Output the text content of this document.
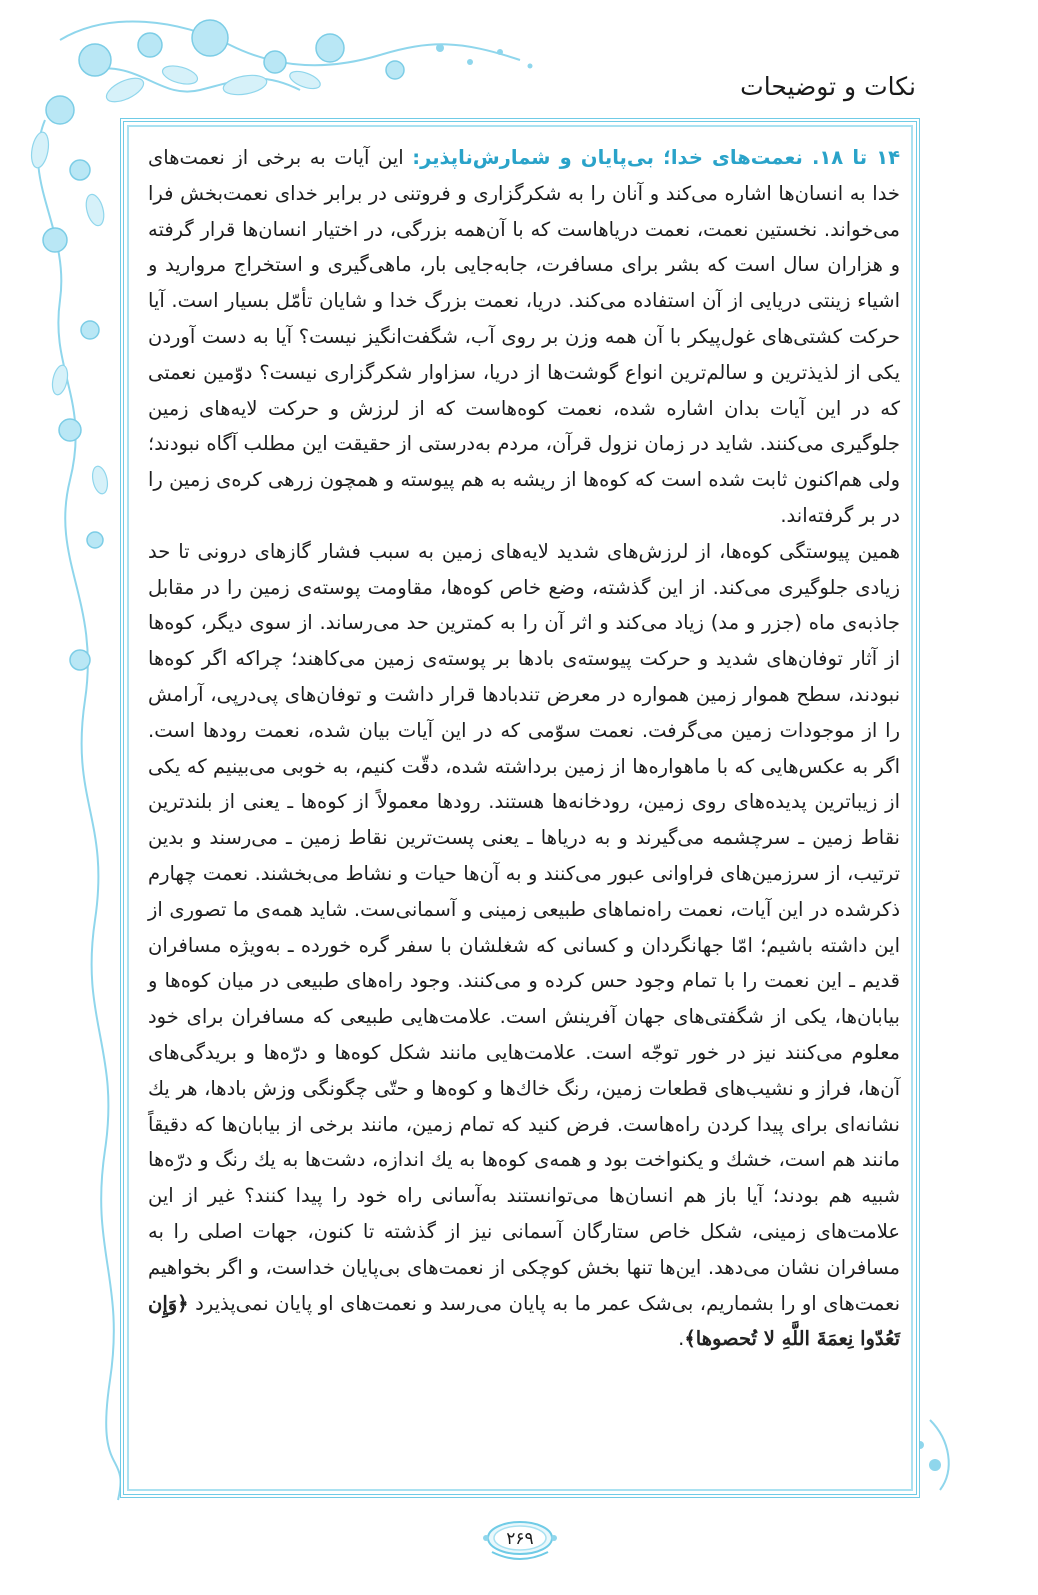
نکات و توضیحات

۱۴ تا ۱۸. نعمت‌های خدا؛ بی‌پایان و شمارش‌ناپذیر: این آیات به برخی از نعمت‌های خدا به انسان‌ها اشاره می‌کند و آنان را به شکرگزاری و فروتنی در برابر خدای نعمت‌بخش فرا می‌خواند. نخستین نعمت، نعمت دریاهاست که با آن‌همه بزرگی، در اختیار انسان‌ها قرار گرفته و هزاران سال است که بشر برای مسافرت، جابه‌جایی بار، ماهی‌گیری و استخراج مروارید و اشیاء زینتی دریایی از آن استفاده می‌کند. دریا، نعمت بزرگ خدا و شایان تأمّل بسیار است. آیا حرکت کشتی‌های غول‌پیکر با آن همه وزن بر روی آب، شگفت‌انگیز نیست؟ آیا به دست آوردن یکی از لذیذترین و سالم‌ترین انواع گوشت‌ها از دریا، سزاوار شکرگزاری نیست؟ دوّمین نعمتی که در این آیات بدان اشاره شده، نعمت کوه‌هاست که از لرزش و حرکت لایه‌های زمین جلوگیری می‌کنند. شاید در زمان نزول قرآن، مردم به‌درستی از حقیقت این مطلب آگاه نبودند؛ ولی هم‌اکنون ثابت شده است که کوه‌ها از ریشه به هم پیوسته و همچون زرهی کره‌ی زمین را در بر گرفته‌اند.

همین پیوستگی کوه‌ها، از لرزش‌های شدید لایه‌های زمین به سبب فشار گازهای درونی تا حد زیادی جلوگیری می‌کند. از این گذشته، وضع خاص کوه‌ها، مقاومت پوسته‌ی زمین را در مقابل جاذبه‌ی ماه (جزر و مد) زیاد می‌کند و اثر آن را به کمترین حد می‌رساند. از سوی دیگر، کوه‌ها از آثار توفان‌های شدید و حرکت پیوسته‌ی بادها بر پوسته‌ی زمین می‌کاهند؛ چراکه اگر کوه‌ها نبودند، سطح هموار زمین همواره در معرض تندبادها قرار داشت و توفان‌های پی‌درپی، آرامش را از موجودات زمین می‌گرفت. نعمت سوّمی که در این آیات بیان شده، نعمت رودها است. اگر به عکس‌هایی که با ماهواره‌ها از زمین برداشته شده، دقّت کنیم، به خوبی می‌بینیم که یکی از زیباترین پدیده‌های روی زمین، رودخانه‌ها هستند. رودها معمولاً از کوه‌ها ـ یعنی از بلندترین نقاط زمین ـ سرچشمه می‌گیرند و به دریاها ـ یعنی پست‌ترین نقاط زمین ـ می‌رسند و بدین ترتیب، از سرزمین‌های فراوانی عبور می‌کنند و به آن‌ها حیات و نشاط می‌بخشند. نعمت چهارم ذکرشده در این آیات، نعمت راه‌نماهای طبیعی زمینی و آسمانی‌ست. شاید همه‌ی ما تصوری از این داشته باشیم؛ امّا جهانگردان و کسانی که شغلشان با سفر گره خورده ـ به‌ویژه مسافران قدیم ـ این نعمت را با تمام وجود حس کرده و می‌کنند. وجود راه‌های طبیعی در میان کوه‌ها و بیابان‌ها، یکی از شگفتی‌های جهان آفرینش است. علامت‌هایی طبیعی که مسافران برای خود معلوم می‌کنند نیز در خور توجّه است. علامت‌هایی مانند شکل کوه‌ها و درّه‌ها و بریدگی‌های آن‌ها، فراز و نشیب‌های قطعات زمین، رنگ خاك‌ها و کوه‌ها و حتّی چگونگی وزش بادها، هر یك نشانه‌ای برای پیدا کردن راه‌هاست. فرض کنید که تمام زمین، مانند برخی از بیابان‌ها که دقیقاً مانند هم است، خشك و یکنواخت بود و همه‌ی کوه‌ها به یك اندازه، دشت‌ها به یك رنگ و درّه‌ها شبیه هم بودند؛ آیا باز هم انسان‌ها می‌توانستند به‌آسانی راه خود را پیدا کنند؟ غیر از این علامت‌های زمینی، شکل خاص ستارگان آسمانی نیز از گذشته تا کنون، جهات اصلی را به مسافران نشان می‌دهد. این‌ها تنها بخش کوچکی از نعمت‌های بی‌پایان خداست، و اگر بخواهیم نعمت‌های او را بشماریم، بی‌شک عمر ما به پایان می‌رسد و نعمت‌های او پایان نمی‌پذیرد ﴿وَإِن تَعُدّوا نِعمَةَ اللَّهِ لا تُحصوها﴾.

۲۶۹
